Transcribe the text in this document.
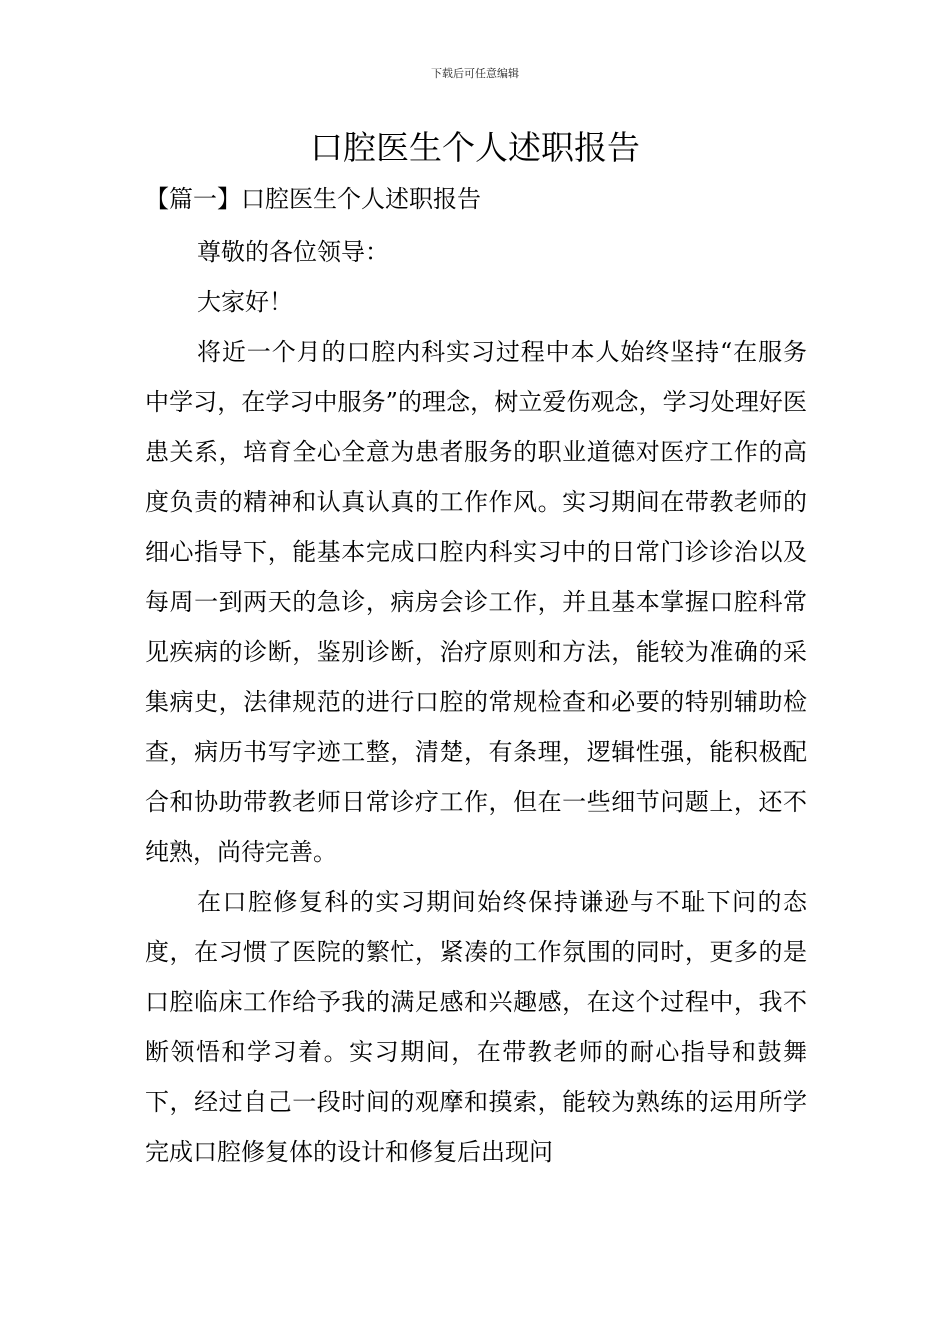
下载后可任意编辑
口腔医生个人述职报告
【篇一】口腔医生个人述职报告

尊敬的各位领导：

大家好！

将近一个月的口腔内科实习过程中本人始终坚持“在服务中学习，在学习中服务”的理念，树立爱伤观念，学习处理好医患关系，培育全心全意为患者服务的职业道德对医疗工作的高度负责的精神和认真认真的工作作风。实习期间在带教老师的细心指导下，能基本完成口腔内科实习中的日常门诊诊治以及每周一到两天的急诊，病房会诊工作，并且基本掌握口腔科常见疾病的诊断，鉴别诊断，治疗原则和方法，能较为准确的采集病史，法律规范的进行口腔的常规检查和必要的特别辅助检查，病历书写字迹工整，清楚，有条理，逻辑性强，能积极配合和协助带教老师日常诊疗工作，但在一些细节问题上，还不纯熟，尚待完善。

在口腔修复科的实习期间始终保持谦逊与不耻下问的态度，在习惯了医院的繁忙，紧凑的工作氛围的同时，更多的是口腔临床工作给予我的满足感和兴趣感，在这个过程中，我不断领悟和学习着。实习期间，在带教老师的耐心指导和鼓舞下，经过自己一段时间的观摩和摸索，能较为熟练的运用所学完成口腔修复体的设计和修复后出现问
